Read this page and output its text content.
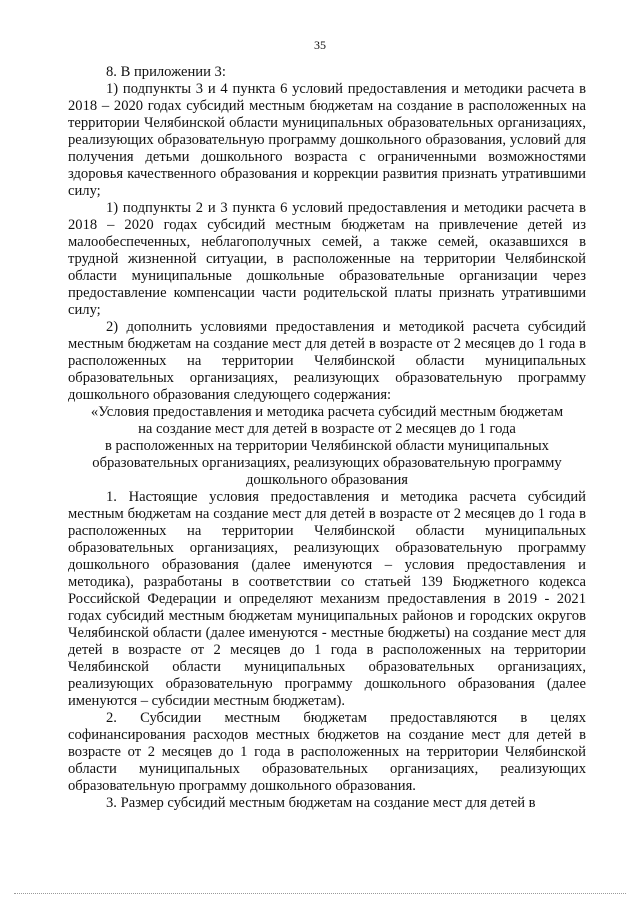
35

8. В приложении 3:

1) подпункты 3 и 4 пункта 6 условий предоставления и методики расчета в 2018 – 2020 годах субсидий местным бюджетам на создание в расположенных на территории Челябинской области муниципальных образовательных организациях, реализующих образовательную программу дошкольного образования, условий для получения детьми дошкольного возраста с ограниченными возможностями здоровья качественного образования и коррекции развития признать утратившими силу;

1) подпункты 2 и 3 пункта 6 условий предоставления и методики расчета в 2018 – 2020 годах субсидий местным бюджетам на привлечение детей из малообеспеченных, неблагополучных семей, а также семей, оказавшихся в трудной жизненной ситуации, в расположенные на территории Челябинской области муниципальные дошкольные образовательные организации через предоставление компенсации части родительской платы признать утратившими силу;

2) дополнить условиями предоставления и методикой расчета субсидий местным бюджетам на создание мест для детей в возрасте от 2 месяцев до 1 года в расположенных на территории Челябинской области муниципальных образовательных организациях, реализующих образовательную программу дошкольного образования следующего содержания:

«Условия предоставления и методика расчета субсидий местным бюджетам

на создание мест для детей в возрасте от 2 месяцев до 1 года

в расположенных на территории Челябинской области муниципальных

образовательных организациях, реализующих образовательную программу

дошкольного образования

1. Настоящие условия предоставления и методика расчета субсидий местным бюджетам на создание мест для детей в возрасте от 2 месяцев до 1 года в расположенных на территории Челябинской области муниципальных образовательных организациях, реализующих образовательную программу дошкольного образования (далее именуются – условия предоставления и методика), разработаны в соответствии со статьей 139 Бюджетного кодекса Российской Федерации и определяют механизм предоставления в 2019 - 2021 годах субсидий местным бюджетам муниципальных районов и городских округов Челябинской области (далее именуются - местные бюджеты) на создание мест для детей в возрасте от 2 месяцев до 1 года в расположенных на территории Челябинской области муниципальных образовательных организациях, реализующих образовательную программу дошкольного образования (далее именуются – субсидии местным бюджетам).

2. Субсидии местным бюджетам предоставляются в целях софинансирования расходов местных бюджетов на создание мест для детей в возрасте от 2 месяцев до 1 года в расположенных на территории Челябинской области муниципальных образовательных организациях, реализующих образовательную программу дошкольного образования.

3. Размер субсидий местным бюджетам на создание мест для детей в
